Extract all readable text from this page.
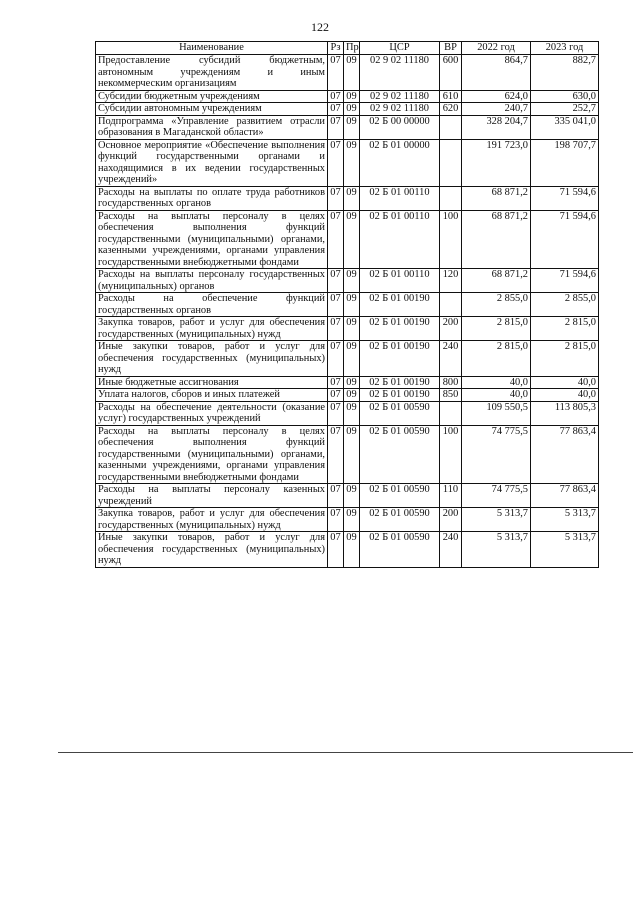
122
Наименование	Рз	Пр	ЦСР	ВР	2022 год	2023 год
Предоставление субсидий бюджетным, автономным учреждениям и иным некоммерческим организациям	07	09	02 9 02 11180	600	864,7	882,7
Субсидии бюджетным учреждениям	07	09	02 9 02 11180	610	624,0	630,0
Субсидии автономным учреждениям	07	09	02 9 02 11180	620	240,7	252,7
Подпрограмма «Управление развитием отрасли образования в Магаданской области»	07	09	02 Б 00 00000		328 204,7	335 041,0
Основное мероприятие «Обеспечение выполнения функций государственными органами и находящимися в их ведении государственных учреждений»	07	09	02 Б 01 00000		191 723,0	198 707,7
Расходы на выплаты по оплате труда работников государственных органов	07	09	02 Б 01 00110		68 871,2	71 594,6
Расходы на выплаты персоналу в целях обеспечения выполнения функций государственными (муниципальными) органами, казенными учреждениями, органами управления государственными внебюджетными фондами	07	09	02 Б 01 00110	100	68 871,2	71 594,6
Расходы на выплаты персоналу государственных (муниципальных) органов	07	09	02 Б 01 00110	120	68 871,2	71 594,6
Расходы на обеспечение функций государственных органов	07	09	02 Б 01 00190		2 855,0	2 855,0
Закупка товаров, работ и услуг для обеспечения государственных (муниципальных) нужд	07	09	02 Б 01 00190	200	2 815,0	2 815,0
Иные закупки товаров, работ и услуг для обеспечения государственных (муниципальных) нужд	07	09	02 Б 01 00190	240	2 815,0	2 815,0
Иные бюджетные ассигнования	07	09	02 Б 01 00190	800	40,0	40,0
Уплата налогов, сборов и иных платежей	07	09	02 Б 01 00190	850	40,0	40,0
Расходы на обеспечение деятельности (оказание услуг) государственных учреждений	07	09	02 Б 01 00590		109 550,5	113 805,3
Расходы на выплаты персоналу в целях обеспечения выполнения функций государственными (муниципальными) органами, казенными учреждениями, органами управления государственными внебюджетными фондами	07	09	02 Б 01 00590	100	74 775,5	77 863,4
Расходы на выплаты персоналу казенных учреждений	07	09	02 Б 01 00590	110	74 775,5	77 863,4
Закупка товаров, работ и услуг для обеспечения государственных (муниципальных) нужд	07	09	02 Б 01 00590	200	5 313,7	5 313,7
Иные закупки товаров, работ и услуг для обеспечения государственных (муниципальных) нужд	07	09	02 Б 01 00590	240	5 313,7	5 313,7
